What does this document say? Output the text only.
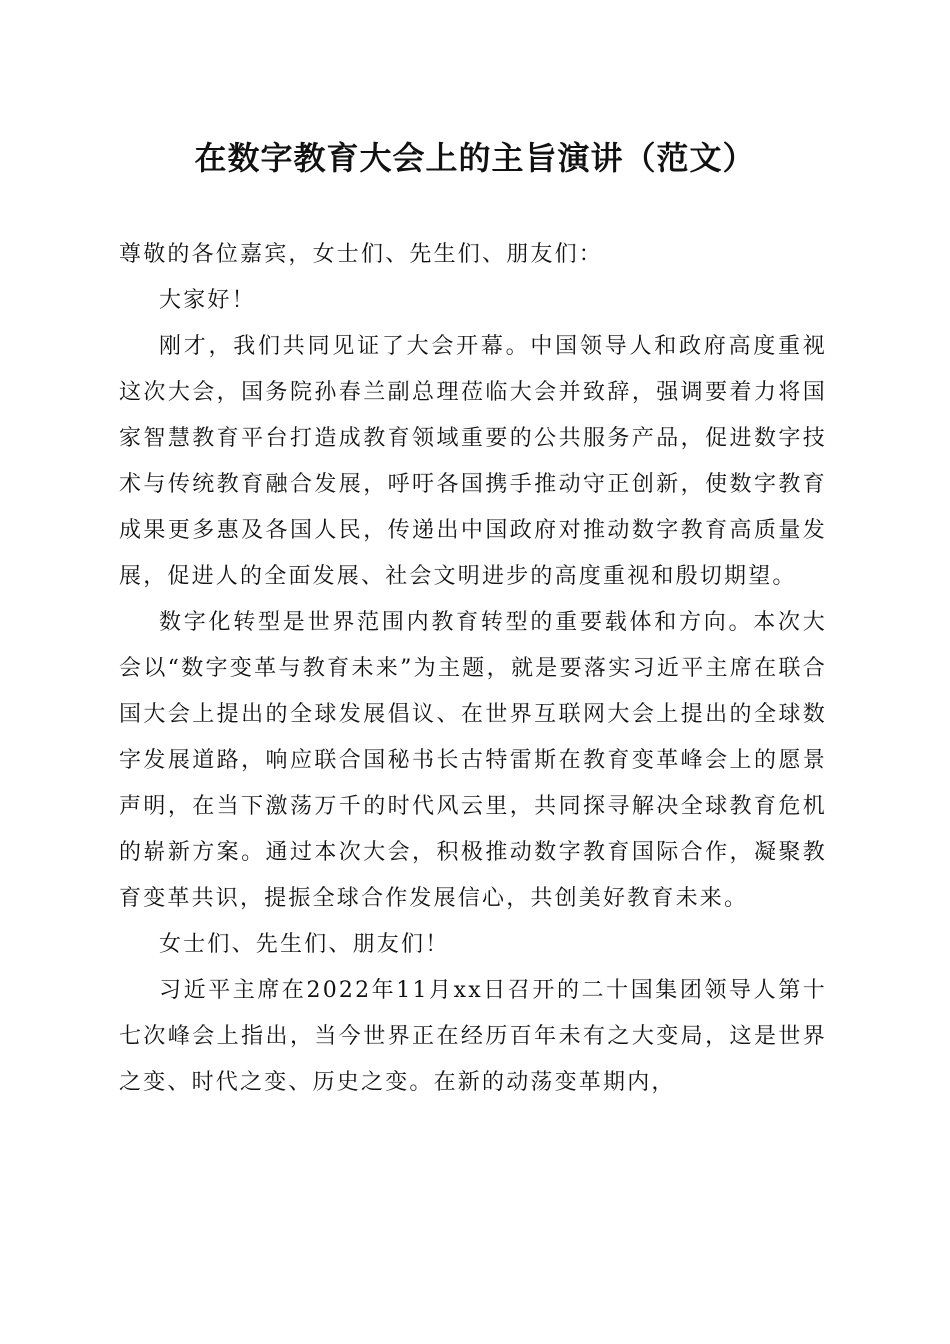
在数字教育大会上的主旨演讲（范文）

尊敬的各位嘉宾，女士们、先生们、朋友们：

大家好！

刚才，我们共同见证了大会开幕。中国领导人和政府高度重视这次大会，国务院孙春兰副总理莅临大会并致辞，强调要着力将国家智慧教育平台打造成教育领域重要的公共服务产品，促进数字技术与传统教育融合发展，呼吁各国携手推动守正创新，使数字教育成果更多惠及各国人民，传递出中国政府对推动数字教育高质量发展，促进人的全面发展、社会文明进步的高度重视和殷切期望。

数字化转型是世界范围内教育转型的重要载体和方向。本次大会以“数字变革与教育未来”为主题，就是要落实习近平主席在联合国大会上提出的全球发展倡议、在世界互联网大会上提出的全球数字发展道路，响应联合国秘书长古特雷斯在教育变革峰会上的愿景声明，在当下激荡万千的时代风云里，共同探寻解决全球教育危机的崭新方案。通过本次大会，积极推动数字教育国际合作，凝聚教育变革共识，提振全球合作发展信心，共创美好教育未来。

女士们、先生们、朋友们！

习近平主席在2022年11月xx日召开的二十国集团领导人第十七次峰会上指出，当今世界正在经历百年未有之大变局，这是世界之变、时代之变、历史之变。在新的动荡变革期内，
